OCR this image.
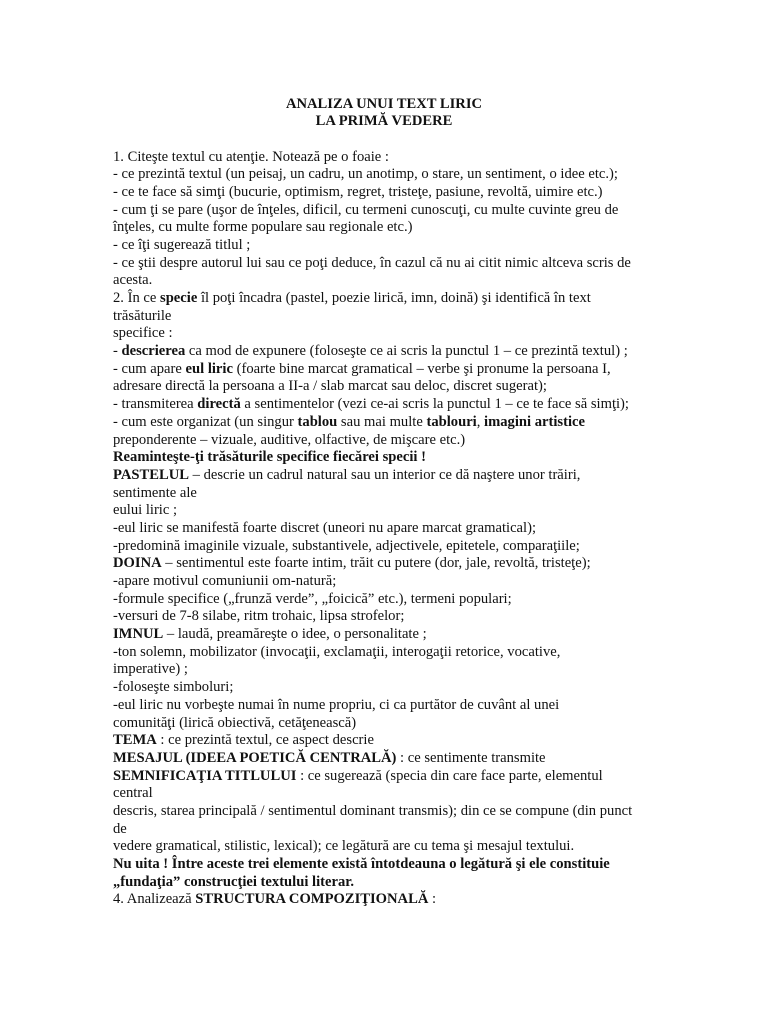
ANALIZA UNUI TEXT LIRIC
LA PRIMĂ VEDERE
1. Citeşte textul cu atenţie. Notează pe o foaie :
- ce prezintă textul (un peisaj, un cadru, un anotimp, o stare, un sentiment, o idee etc.);
- ce te face să simţi (bucurie, optimism, regret, tristeţe, pasiune, revoltă, uimire etc.)
- cum ţi se pare (uşor de înţeles, dificil, cu termeni cunoscuţi, cu multe cuvinte greu de
înţeles, cu multe forme populare sau regionale etc.)
- ce îţi sugerează titlul ;
- ce ştii despre autorul lui sau ce poţi deduce, în cazul că nu ai citit nimic altceva scris de
acesta.
2. În ce specie îl poţi încadra (pastel, poezie lirică, imn, doină) şi identifică în text
trăsăturile
specifice :
- descrierea ca mod de expunere (foloseşte ce ai scris la punctul 1 – ce prezintă textul) ;
- cum apare eul liric (foarte bine marcat gramatical – verbe şi pronume la persoana I,
adresare directă la persoana a II-a / slab marcat sau deloc, discret sugerat);
- transmiterea directă a sentimentelor (vezi ce-ai scris la punctul 1 – ce te face să simţi);
- cum este organizat (un singur tablou sau mai multe tablouri, imagini artistice
preponderente – vizuale, auditive, olfactive, de mişcare etc.)
Reaminteşte-ţi trăsăturile specifice fiecărei specii !
PASTELUL – descrie un cadrul natural sau un interior ce dă naştere unor trăiri,
sentimente ale
eului liric ;
-eul liric se manifestă foarte discret (uneori nu apare marcat gramatical);
-predomină imaginile vizuale, substantivele, adjectivele, epitetele, comparaţiile;
DOINA – sentimentul este foarte intim, trăit cu putere (dor, jale, revoltă, tristeţe);
-apare motivul comuniunii om-natură;
-formule specifice („frunză verde”, „foicică” etc.), termeni populari;
-versuri de 7-8 silabe, ritm trohaic, lipsa strofelor;
IMNUL – laudă, preamăreşte o idee, o personalitate ;
-ton solemn, mobilizator (invocaţii, exclamaţii, interogaţii retorice, vocative,
imperative) ;
-foloseşte simboluri;
-eul liric nu vorbeşte numai în nume propriu, ci ca purtător de cuvânt al unei
comunităţi (lirică obiectivă, cetăţenească)
TEMA : ce prezintă textul, ce aspect descrie
MESAJUL (IDEEA POETICĂ CENTRALĂ) : ce sentimente transmite
SEMNIFICAŢIA TITLULUI : ce sugerează (specia din care face parte, elementul
central
descris, starea principală / sentimentul dominant transmis); din ce se compune (din punct
de
vedere gramatical, stilistic, lexical); ce legătură are cu tema şi mesajul textului.
Nu uita ! Între aceste trei elemente există întotdeauna o legătură şi ele constituie
„fundaţia” construcţiei textului literar.
4. Analizează STRUCTURA COMPOZIŢIONALĂ :
